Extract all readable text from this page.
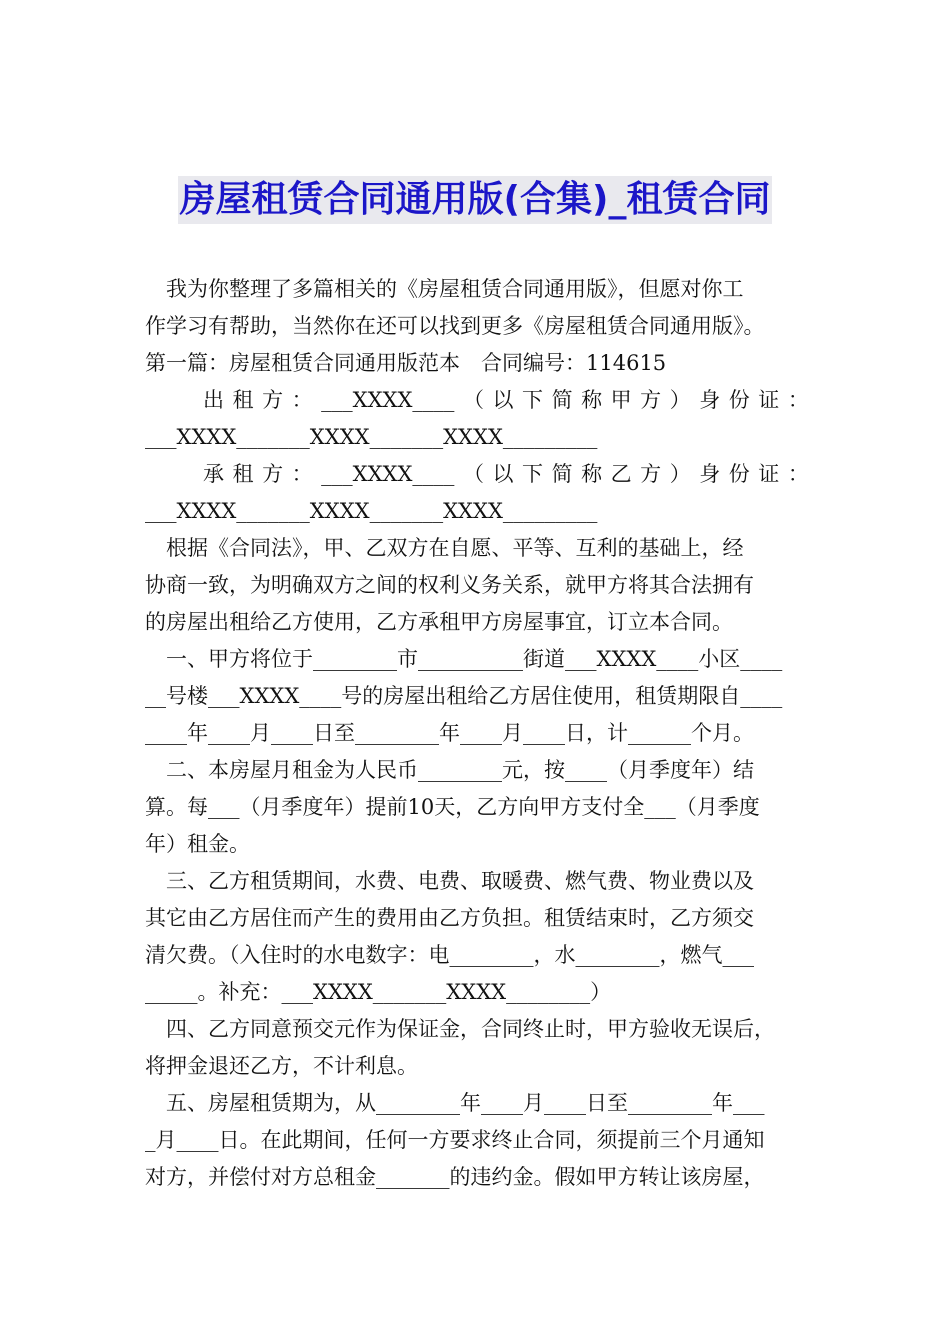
房屋租赁合同通用版(合集)_租赁合同
我为你整理了多篇相关的《房屋租赁合同通用版》，但愿对你工
作学习有帮助，当然你在还可以找到更多《房屋租赁合同通用版》。
第一篇：房屋租赁合同通用版范本　合同编号：114615
出 租 方 ： ___XXXX____ （ 以 下 简 称 甲 方 ） 身 份 证 ：
___XXXX_______XXXX_______XXXX_________
承 租 方 ： ___XXXX____ （ 以 下 简 称 乙 方 ） 身 份 证 ：
___XXXX_______XXXX_______XXXX_________
根据《合同法》，甲、乙双方在自愿、平等、互利的基础上，经
协商一致，为明确双方之间的权利义务关系，就甲方将其合法拥有
的房屋出租给乙方使用，乙方承租甲方房屋事宜，订立本合同。
一、甲方将位于________市__________街道___XXXX____小区____
__号楼___XXXX____号的房屋出租给乙方居住使用，租赁期限自____
____年____月____日至________年____月____日，计______个月。
二、本房屋月租金为人民币________元，按____（月季度年）结
算。每___（月季度年）提前10天，乙方向甲方支付全___（月季度
年）租金。
三、乙方租赁期间，水费、电费、取暖费、燃气费、物业费以及
其它由乙方居住而产生的费用由乙方负担。租赁结束时，乙方须交
清欠费。（入住时的水电数字：电________，水________，燃气___
_____。补充：___XXXX_______XXXX________）
四、乙方同意预交元作为保证金，合同终止时，甲方验收无误后，
将押金退还乙方，不计利息。
五、房屋租赁期为，从________年____月____日至________年___
_月____日。在此期间，任何一方要求终止合同，须提前三个月通知
对方，并偿付对方总租金_______的违约金。假如甲方转让该房屋，
